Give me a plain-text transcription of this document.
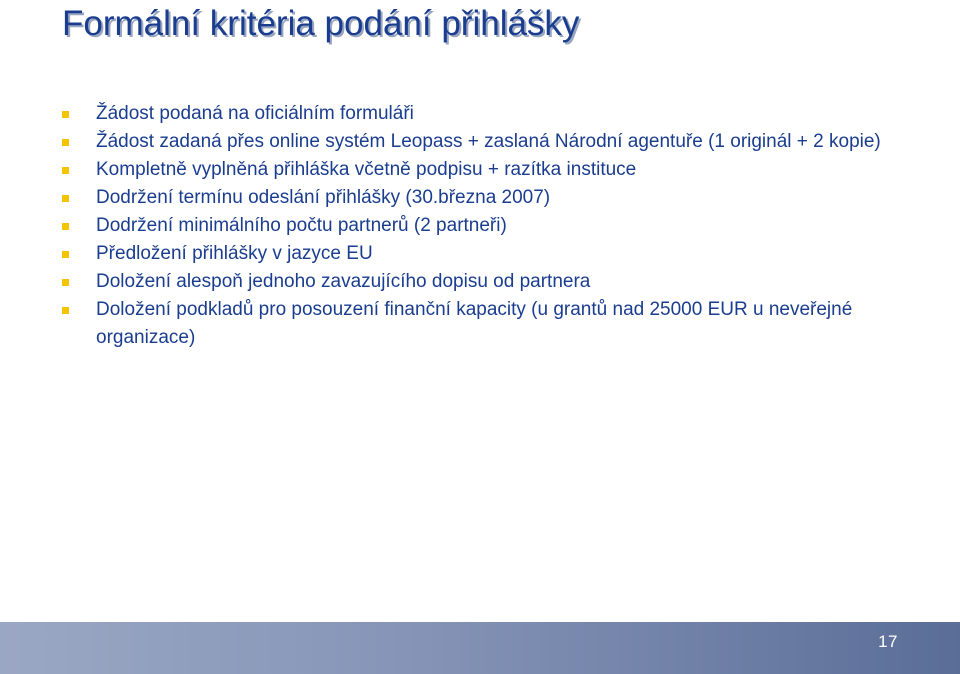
Formální kritéria podání přihlášky
Žádost podaná na oficiálním formuláři
Žádost zadaná přes online systém Leopass + zaslaná Národní agentuře (1 originál + 2 kopie)
Kompletně vyplněná přihláška včetně podpisu + razítka instituce
Dodržení termínu odeslání přihlášky (30.března 2007)
Dodržení minimálního počtu partnerů (2 partneři)
Předložení přihlášky v jazyce EU
Doložení alespoň jednoho zavazujícího dopisu od partnera
Doložení podkladů pro posouzení finanční kapacity (u grantů nad 25000 EUR u neveřejné organizace)
17
